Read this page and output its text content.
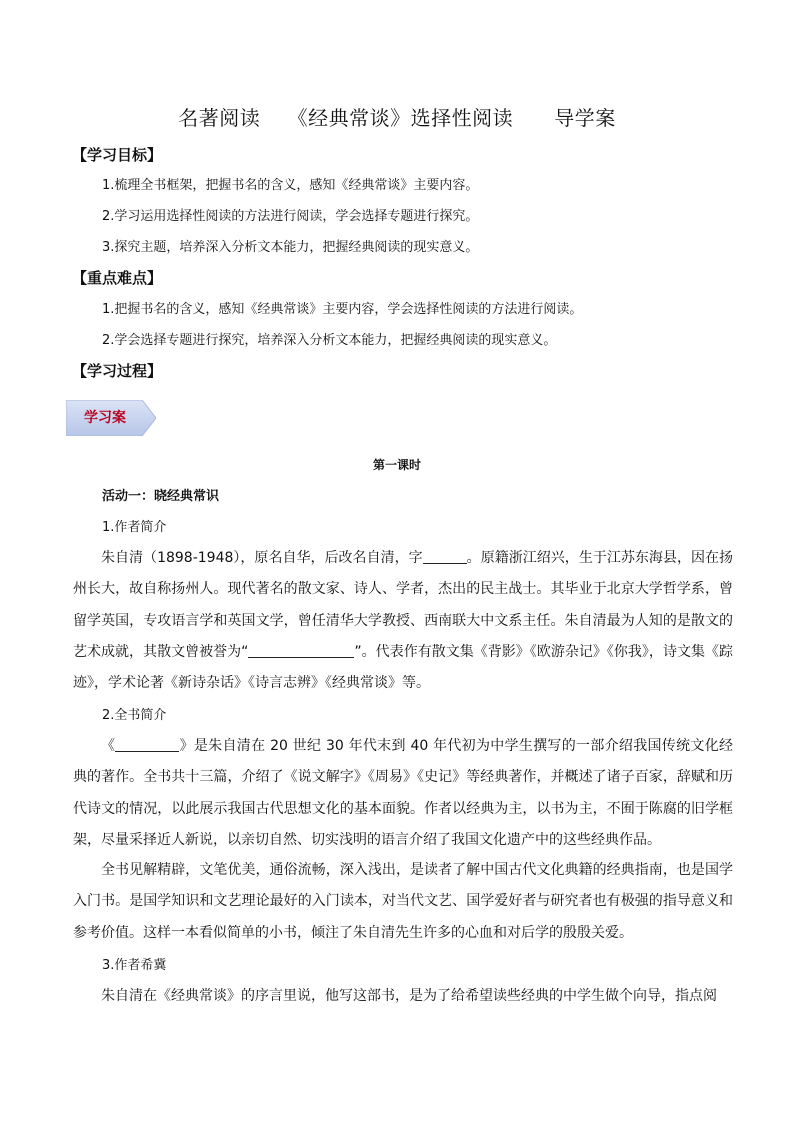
名著阅读    《经典常谈》选择性阅读      导学案
【学习目标】
1.梳理全书框架，把握书名的含义，感知《经典常谈》主要内容。
2.学习运用选择性阅读的方法进行阅读，学会选择专题进行探究。
3.探究主题，培养深入分析文本能力，把握经典阅读的现实意义。
【重点难点】
1.把握书名的含义，感知《经典常谈》主要内容，学会选择性阅读的方法进行阅读。
2.学会选择专题进行探究，培养深入分析文本能力，把握经典阅读的现实意义。
【学习过程】
学习案
第一课时
活动一：晓经典常识
1.作者简介

朱自清（1898-1948），原名自华，后改名自清，字	。原籍浙江绍兴，生于江苏东海县，因在扬州长大，故自称扬州人。现代著名的散文家、诗人、学者，杰出的民主战士。其毕业于北京大学哲学系，曾留学英国，专攻语言学和英国文学，曾任清华大学教授、西南联大中文系主任。朱自清最为人知的是散文的艺术成就，其散文曾被誉为“	”。代表作有散文集《背影》《欧游杂记》《你我》，诗文集《踪迹》，学术论著《新诗杂话》《诗言志辨》《经典常谈》等。

2.全书简介

《	》是朱自清在 20 世纪 30 年代末到 40 年代初为中学生撰写的一部介绍我国传统文化经典的著作。全书共十三篇，介绍了《说文解字》《周易》《史记》等经典著作，并概述了诸子百家，辞赋和历代诗文的情况，以此展示我国古代思想文化的基本面貌。作者以经典为主，以书为主，不囿于陈腐的旧学框架，尽量采择近人新说，以亲切自然、切实浅明的语言介绍了我国文化遗产中的这些经典作品。

全书见解精辟，文笔优美，通俗流畅，深入浅出，是读者了解中国古代文化典籍的经典指南，也是国学入门书。是国学知识和文艺理论最好的入门读本，对当代文艺、国学爱好者与研究者也有极强的指导意义和参考价值。这样一本看似简单的小书，倾注了朱自清先生许多的心血和对后学的殷殷关爱。

3.作者希冀

朱自清在《经典常谈》的序言里说，他写这部书，是为了给希望读些经典的中学生做个向导，指点阅
